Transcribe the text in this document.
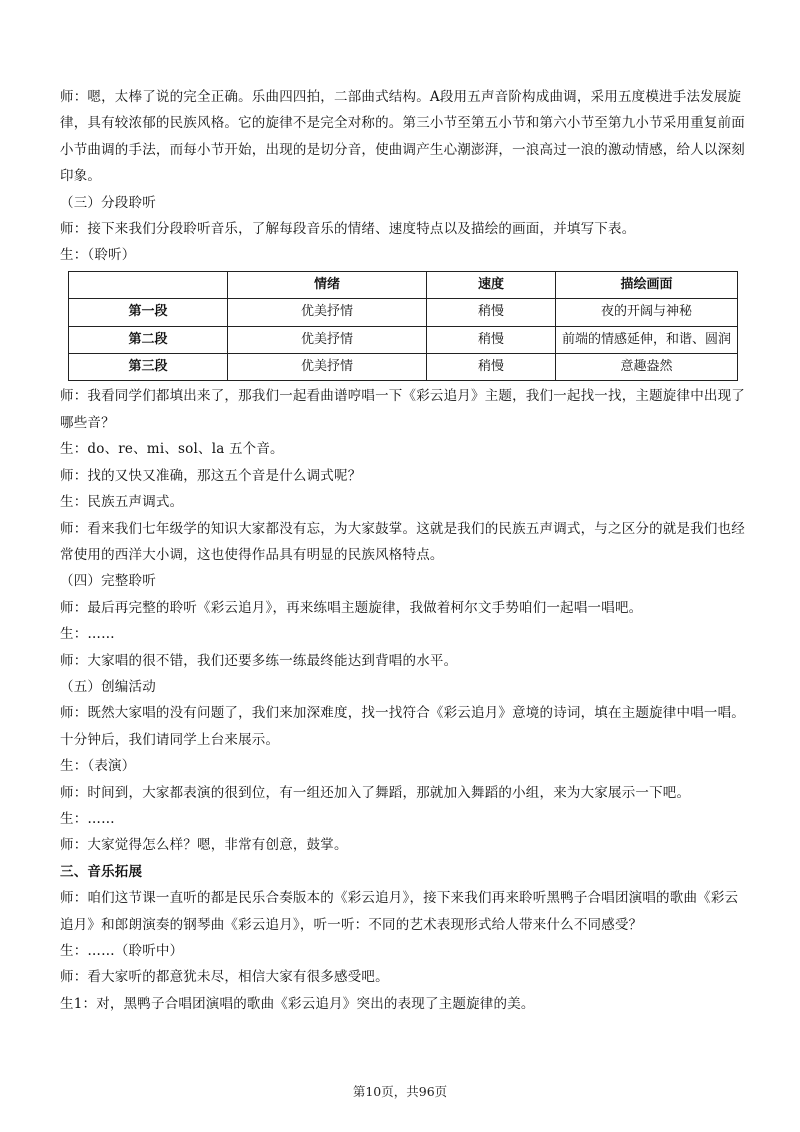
师：嗯，太棒了说的完全正确。乐曲四四拍，二部曲式结构。A段用五声音阶构成曲调，采用五度模进手法发展旋律，具有较浓郁的民族风格。它的旋律不是完全对称的。第三小节至第五小节和第六小节至第九小节采用重复前面小节曲调的手法，而每小节开始，出现的是切分音，使曲调产生心潮澎湃，一浪高过一浪的激动情感，给人以深刻印象。

（三）分段聆听

师：接下来我们分段聆听音乐，了解每段音乐的情绪、速度特点以及描绘的画面，并填写下表。

生：（聆听）

	情绪	速度	描绘画面
第一段	优美抒情	稍慢	夜的开阔与神秘
第二段	优美抒情	稍慢	前端的情感延伸，和谐、圆润
第三段	优美抒情	稍慢	意趣盎然

师：我看同学们都填出来了，那我们一起看曲谱哼唱一下《彩云追月》主题，我们一起找一找，主题旋律中出现了哪些音？

生：do、re、mi、sol、la 五个音。

师：找的又快又准确，那这五个音是什么调式呢？

生：民族五声调式。

师：看来我们七年级学的知识大家都没有忘，为大家鼓掌。这就是我们的民族五声调式，与之区分的就是我们也经常使用的西洋大小调，这也使得作品具有明显的民族风格特点。

（四）完整聆听

师：最后再完整的聆听《彩云追月》，再来练唱主题旋律，我做着柯尔文手势咱们一起唱一唱吧。

生：……

师：大家唱的很不错，我们还要多练一练最终能达到背唱的水平。

（五）创编活动

师：既然大家唱的没有问题了，我们来加深难度，找一找符合《彩云追月》意境的诗词，填在主题旋律中唱一唱。十分钟后，我们请同学上台来展示。

生：（表演）

师：时间到，大家都表演的很到位，有一组还加入了舞蹈，那就加入舞蹈的小组，来为大家展示一下吧。

生：……

师：大家觉得怎么样？嗯，非常有创意，鼓掌。

三、音乐拓展

师：咱们这节课一直听的都是民乐合奏版本的《彩云追月》，接下来我们再来聆听黑鸭子合唱团演唱的歌曲《彩云追月》和郎朗演奏的钢琴曲《彩云追月》，听一听：不同的艺术表现形式给人带来什么不同感受？

生：……（聆听中）

师：看大家听的都意犹未尽，相信大家有很多感受吧。

生1：对，黑鸭子合唱团演唱的歌曲《彩云追月》突出的表现了主题旋律的美。

第10页，共96页
